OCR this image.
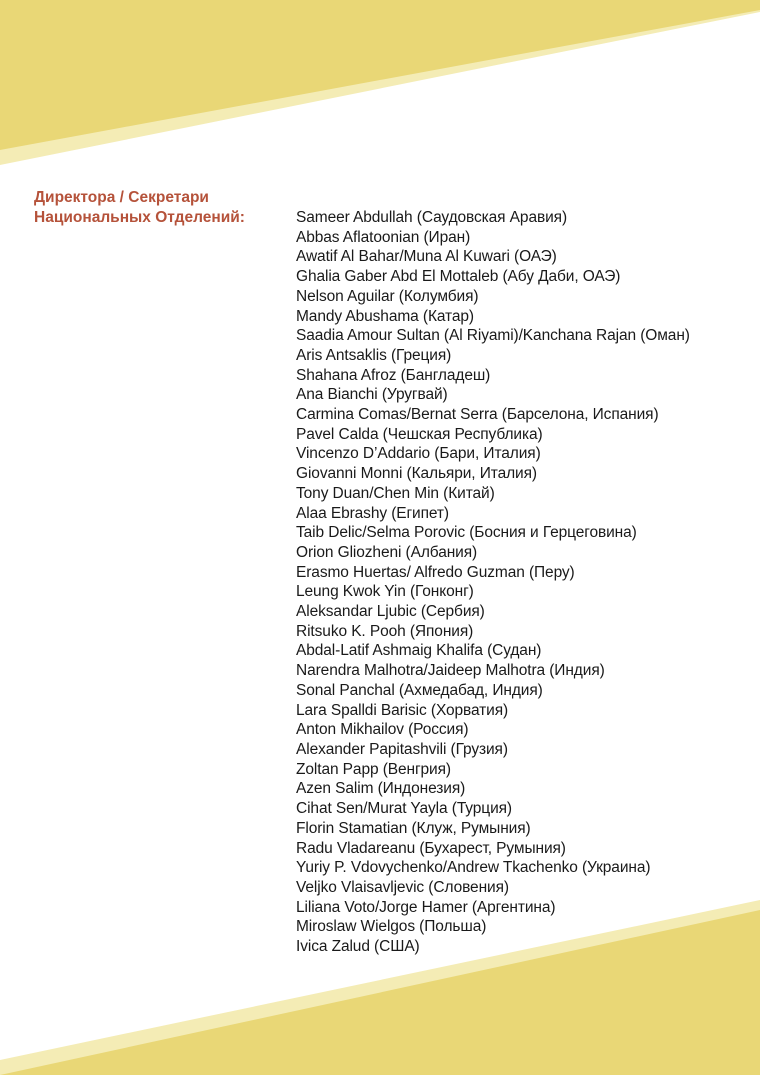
Директора / Секретари
Национальных Отделений:	Sameer Abdullah (Саудовская Аравия)
Abbas Aflatoonian (Иран)
Awatif Al Bahar/Muna Al Kuwari (ОАЭ)
Ghalia Gaber Abd El Mottaleb (Абу Даби, ОАЭ)
Nelson Aguilar (Колумбия)
Mandy Abushama (Катар)
Saadia Amour Sultan (Al Riyami)/Kanchana Rajan (Оман)
Aris Antsaklis (Греция)
Shahana Afroz (Бангладеш)
Ana Bianchi (Уругвай)
Carmina Comas/Bernat Serra (Барселона, Испания)
Pavel Calda (Чешская Республика)
Vincenzo D’Addario (Бари, Италия)
Giovanni Monni (Кальяри, Италия)
Tony Duan/Chen Min (Китай)
Alaa Ebrashy (Египет)
Taib Delic/Selma Porovic (Босния и Герцеговина)
Orion Gliozheni (Албания)
Erasmo Huertas/ Alfredo Guzman (Перу)
Leung Kwok Yin (Гонконг)
Aleksandar Ljubic (Сербия)
Ritsuko K. Pooh (Япония)
Abdal-Latif Ashmaig Khalifa (Судан)
Narendra Malhotra/Jaideep Malhotra (Индия)
Sonal Panchal (Ахмедабад, Индия)
Lara Spalldi Barisic (Хорватия)
Anton Mikhailov (Россия)
Alexander Papitashvili (Грузия)
Zoltan Papp (Венгрия)
Azen Salim (Индонезия)
Cihat Sen/Murat Yayla (Турция)
Florin Stamatian (Клуж, Румыния)
Radu Vladareanu (Бухарест, Румыния)
Yuriy P. Vdovychenko/Andrew Tkachenko (Украина)
Veljko Vlaisavljevic (Словения)
Liliana Voto/Jorge Hamer (Аргентина)
Miroslaw Wielgos (Польша)
Ivica Zalud (США)
